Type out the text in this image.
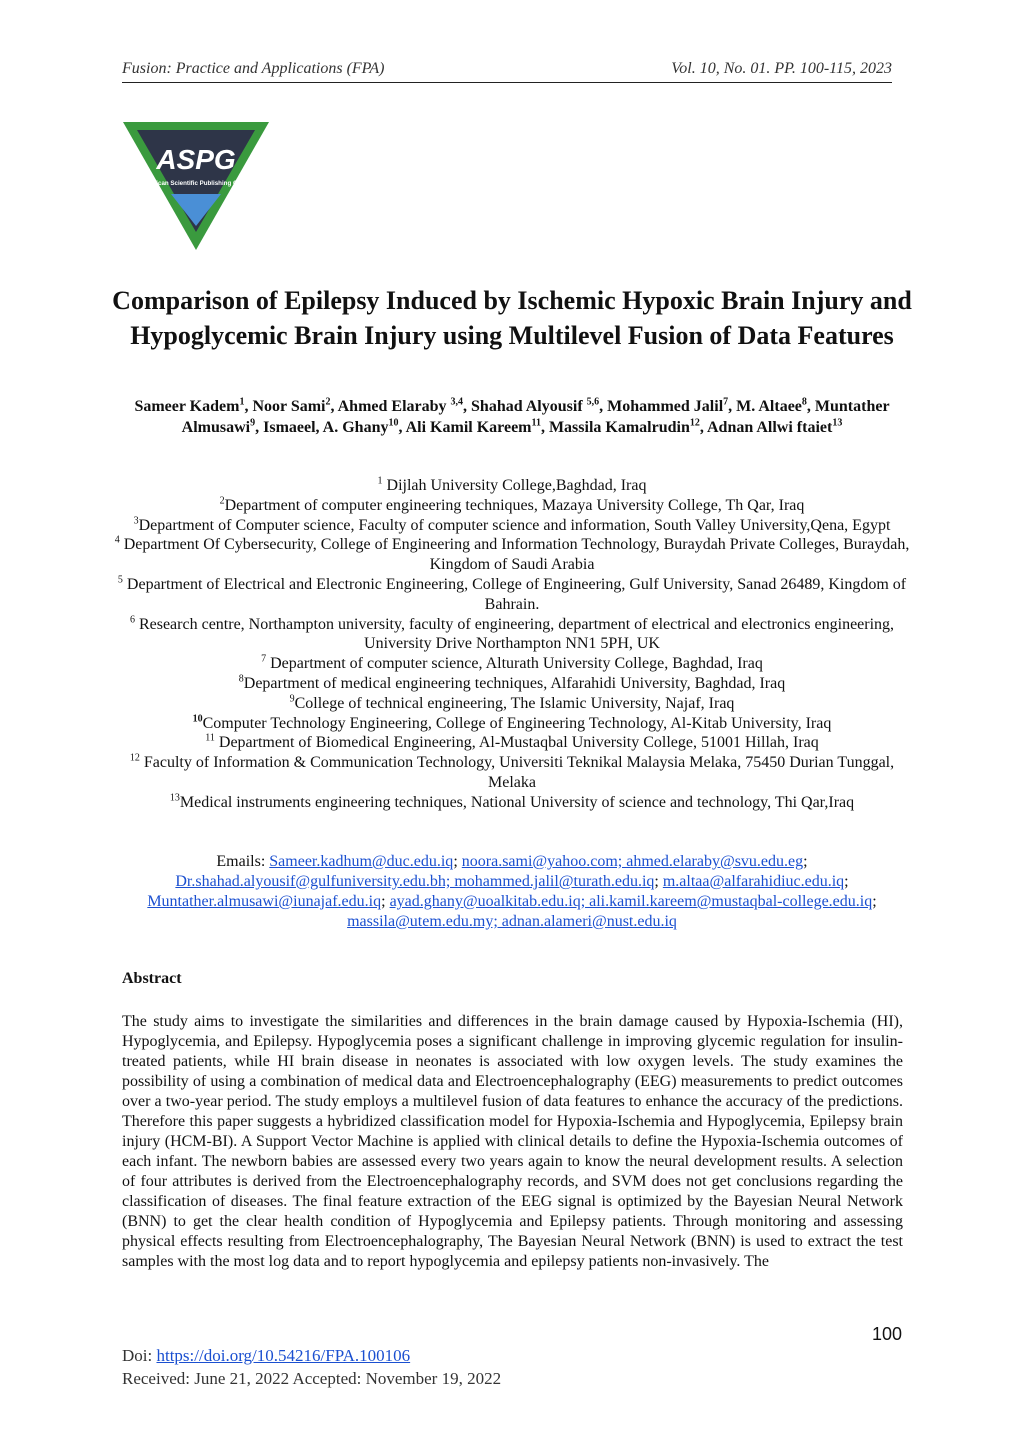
Fusion: Practice and Applications (FPA)	Vol. 10, No. 01. PP. 100-115, 2023
ASPG
American Scientific Publishing Group
Comparison of Epilepsy Induced by Ischemic Hypoxic Brain Injury and Hypoglycemic Brain Injury using Multilevel Fusion of Data Features
Sameer Kadem$^1$, Noor Sami$^2$, Ahmed Elaraby $^{3,4}$, Shahad Alyousif $^{5,6}$, Mohammed Jalil$^7$, M. Altaee$^8$, Muntather Almusawi$^9$, Ismaeel, A. Ghany$^{10}$, Ali Kamil Kareem$^{11}$, Massila Kamalrudin$^{12}$, Adnan Allwi ftaiet$^{13}$
$^1$ Dijlah University College,Baghdad, Iraq
$^2$Department of computer engineering techniques, Mazaya University College, Th Qar, Iraq
$^3$Department of Computer science, Faculty of computer science and information, South Valley University,Qena, Egypt
$^4$ Department Of Cybersecurity, College of Engineering and Information Technology, Buraydah Private Colleges, Buraydah, Kingdom of Saudi Arabia
$^5$ Department of Electrical and Electronic Engineering, College of Engineering, Gulf University, Sanad 26489, Kingdom of Bahrain.
$^6$ Research centre, Northampton university, faculty of engineering, department of electrical and electronics engineering, University Drive Northampton NN1 5PH, UK
$^7$ Department of computer science, Alturath University College, Baghdad, Iraq
$^8$Department of medical engineering techniques, Alfarahidi University, Baghdad, Iraq
$^9$College of technical engineering, The Islamic University, Najaf, Iraq
$^{10}$Computer Technology Engineering, College of Engineering Technology, Al-Kitab University, Iraq
$^{11}$ Department of Biomedical Engineering, Al-Mustaqbal University College, 51001 Hillah, Iraq
$^{12}$ Faculty of Information & Communication Technology, Universiti Teknikal Malaysia Melaka, 75450 Durian Tunggal, Melaka
$^{13}$Medical instruments engineering techniques, National University of science and technology, Thi Qar,Iraq
Emails: Sameer.kadhum@duc.edu.iq; noora.sami@yahoo.com; ahmed.elaraby@svu.edu.eg; Dr.shahad.alyousif@gulfuniversity.edu.bh; mohammed.jalil@turath.edu.iq; m.altaa@alfarahidiuc.edu.iq; Muntather.almusawi@iunajaf.edu.iq; ayad.ghany@uoalkitab.edu.iq; ali.kamil.kareem@mustaqbal-college.edu.iq; massila@utem.edu.my; adnan.alameri@nust.edu.iq
Abstract

The study aims to investigate the similarities and differences in the brain damage caused by Hypoxia-Ischemia (HI), Hypoglycemia, and Epilepsy. Hypoglycemia poses a significant challenge in improving glycemic regulation for insulin-treated patients, while HI brain disease in neonates is associated with low oxygen levels. The study examines the possibility of using a combination of medical data and Electroencephalography (EEG) measurements to predict outcomes over a two-year period. The study employs a multilevel fusion of data features to enhance the accuracy of the predictions. Therefore this paper suggests a hybridized classification model for Hypoxia-Ischemia and Hypoglycemia, Epilepsy brain injury (HCM-BI). A Support Vector Machine is applied with clinical details to define the Hypoxia-Ischemia outcomes of each infant. The newborn babies are assessed every two years again to know the neural development results. A selection of four attributes is derived from the Electroencephalography records, and SVM does not get conclusions regarding the classification of diseases. The final feature extraction of the EEG signal is optimized by the Bayesian Neural Network (BNN) to get the clear health condition of Hypoglycemia and Epilepsy patients. Through monitoring and assessing physical effects resulting from Electroencephalography, The Bayesian Neural Network (BNN) is used to extract the test samples with the most log data and to report hypoglycemia and epilepsy patients non-invasively. The

100
Doi: https://doi.org/10.54216/FPA.100106
Received: June 21, 2022 Accepted: November 19, 2022
